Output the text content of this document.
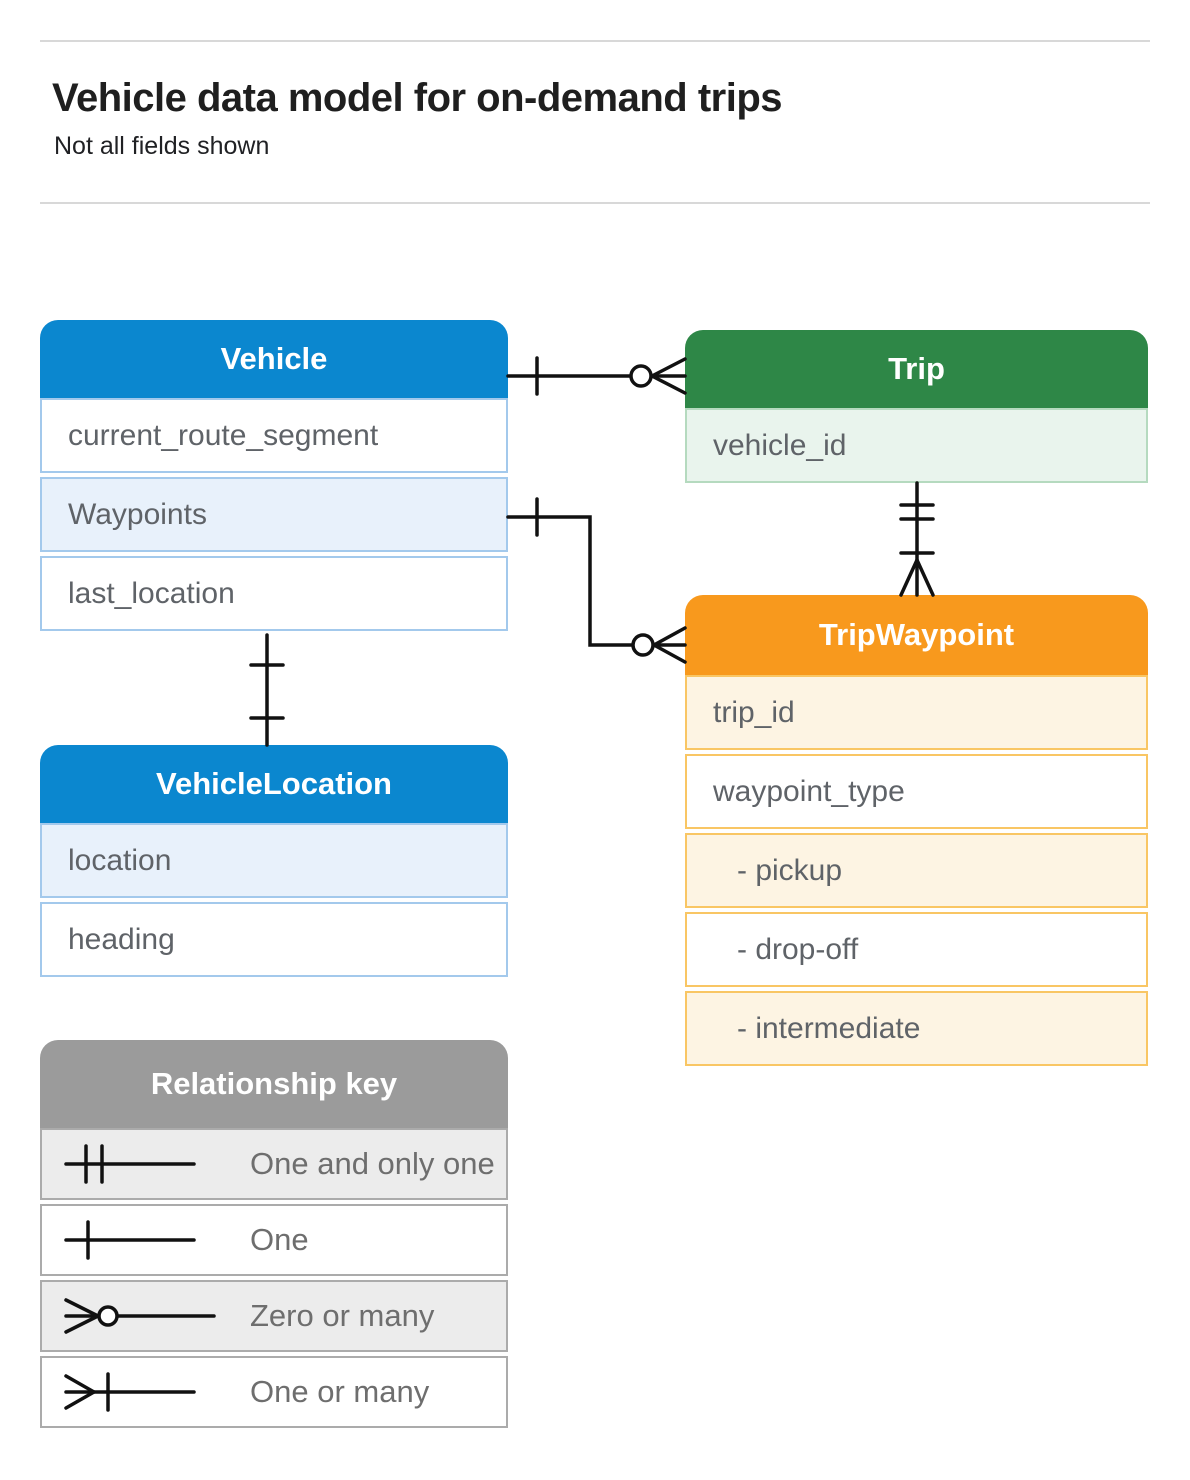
Vehicle data model for on-demand trips
Not all fields shown
Vehicle
current_route_segment
Waypoints
last_location
Trip
vehicle_id
TripWaypoint
trip_id
waypoint_type
- pickup
- drop-off
- intermediate
VehicleLocation
location
heading
Relationship key
One and only one
One
Zero or many
One or many
